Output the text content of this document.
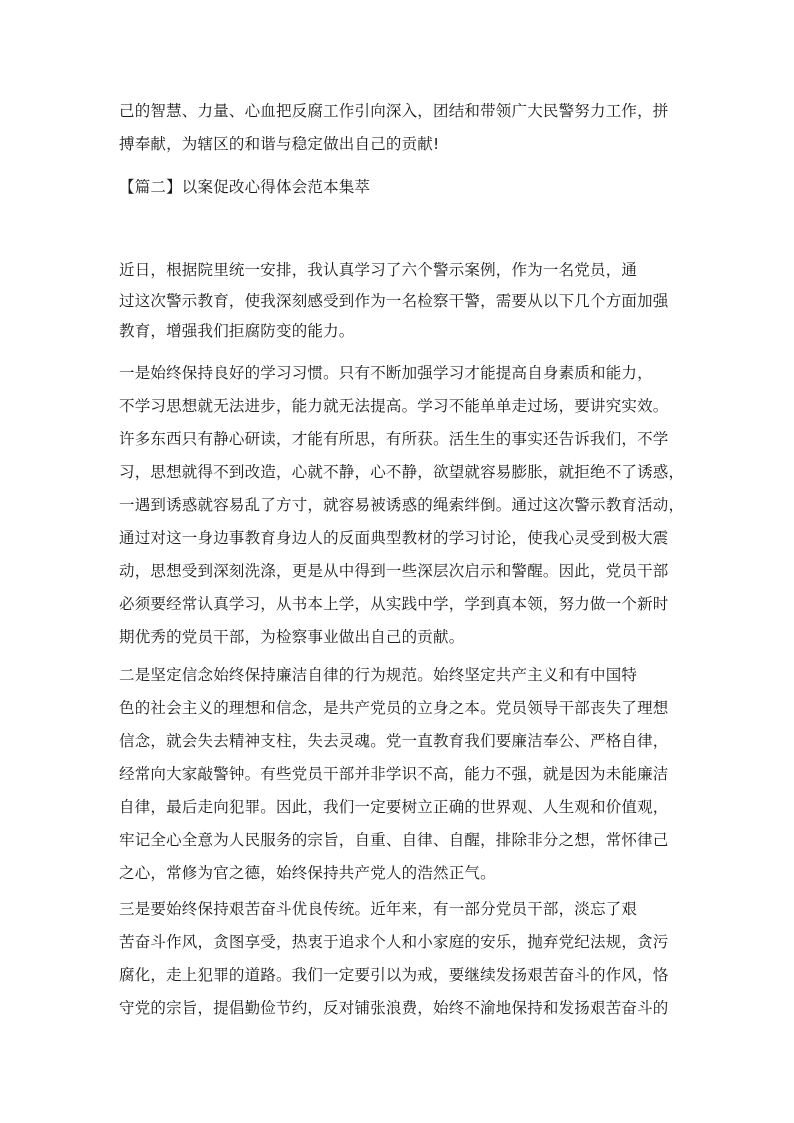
己的智慧、力量、心血把反腐工作引向深入，团结和带领广大民警努力工作，拼
搏奉献，为辖区的和谐与稳定做出自己的贡献!
【篇二】以案促改心得体会范本集萃
近日，根据院里统一安排，我认真学习了六个警示案例，作为一名党员，通
过这次警示教育，使我深刻感受到作为一名检察干警，需要从以下几个方面加强
教育，增强我们拒腐防变的能力。
一是始终保持良好的学习习惯。只有不断加强学习才能提高自身素质和能力，
不学习思想就无法进步，能力就无法提高。学习不能单单走过场，要讲究实效。
许多东西只有静心研读，才能有所思，有所获。活生生的事实还告诉我们，不学
习，思想就得不到改造，心就不静，心不静，欲望就容易膨胀，就拒绝不了诱惑，
一遇到诱惑就容易乱了方寸，就容易被诱惑的绳索绊倒。通过这次警示教育活动，
通过对这一身边事教育身边人的反面典型教材的学习讨论，使我心灵受到极大震
动，思想受到深刻洗涤，更是从中得到一些深层次启示和警醒。因此，党员干部
必须要经常认真学习，从书本上学，从实践中学，学到真本领，努力做一个新时
期优秀的党员干部，为检察事业做出自己的贡献。
二是坚定信念始终保持廉洁自律的行为规范。始终坚定共产主义和有中国特
色的社会主义的理想和信念，是共产党员的立身之本。党员领导干部丧失了理想
信念，就会失去精神支柱，失去灵魂。党一直教育我们要廉洁奉公、严格自律，
经常向大家敲警钟。有些党员干部并非学识不高，能力不强，就是因为未能廉洁
自律，最后走向犯罪。因此，我们一定要树立正确的世界观、人生观和价值观，
牢记全心全意为人民服务的宗旨，自重、自律、自醒，排除非分之想，常怀律己
之心，常修为官之德，始终保持共产党人的浩然正气。
三是要始终保持艰苦奋斗优良传统。近年来，有一部分党员干部，淡忘了艰
苦奋斗作风，贪图享受，热衷于追求个人和小家庭的安乐，抛弃党纪法规，贪污
腐化，走上犯罪的道路。我们一定要引以为戒，要继续发扬艰苦奋斗的作风，恪
守党的宗旨，提倡勤俭节约，反对铺张浪费，始终不渝地保持和发扬艰苦奋斗的
